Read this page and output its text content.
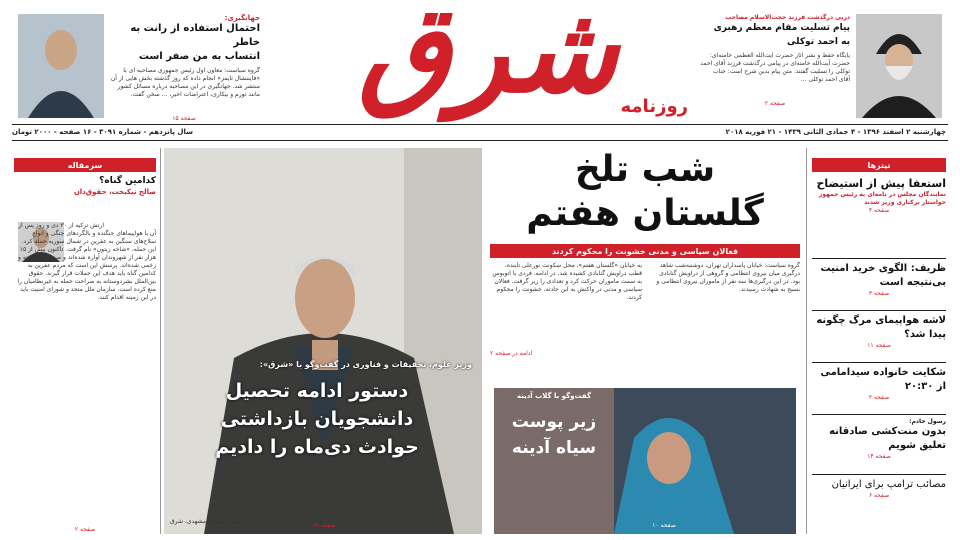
شرق روزنامه
جهانگیری:
احتمال استفاده از رانت به خاطر
انتساب به من صفر است
گروه سیاست: معاون اول رئیس جمهوری مصاحبه ای با «فایننشال تایمز» انجام داده که روز گذشته بخش هایی از آن منتشر شد. جهانگیری در این مصاحبه درباره مسائل کشور مانند تورم و بیکاری، اعتراضات اخیر، ... سخن گفت.
صفحه ۱۵
درپی درگذشت فرزند حجت‌الاسلام مصاحب
پیام تسلیت مقام معظم رهبری
به احمد توکلی
پایگاه حفظ و نشر آثار حضرت آیت‌الله العظمی خامنه‌ای: حضرت آیت‌الله خامنه‌ای در پیامی درگذشت فرزند آقای احمد توکلی را تسلیت گفتند. متن پیام بدین شرح است: جناب آقای احمد توکلی ...
صفحه ۲
چهارشنبه ۲ اسفند ۱۳۹۶ - ۴ جمادی الثانی ۱۴۳۹ - ۲۱ فوریه ۲۰۱۸
سال پانزدهم - شماره ۳۰۹۱ - ۱۶ صفحه - ۲۰۰۰ تومان
سرمقاله
کدامین گناه؟
صالح نیکبخت، حقوق‌دان
ارتش ترکیه از ۳۰ دی و روز پس از آن با هواپیماهای جنگنده و بالگردهای جنگی و انواع سلاح‌های سنگین به عفرین در شمال سوریه حمله کرد. این حمله، «شاخه زیتون» نام گرفت. تاکنون بیش از ۱۵ هزار نفر از شهروندان آواره شده‌اند و صدها نفر کشته و زخمی شده‌اند. پرسش این است که مردم عفرین به کدامین گناه باید هدف این حملات قرار گیرند. حقوق بین‌الملل بشردوستانه به صراحت حمله به غیرنظامیان را منع کرده است. سازمان ملل متحد و شورای امنیت باید در این زمینه اقدام کنند.
صفحه ۲
وزیر علوم، تحقیقات و فناوری در گفت‌وگو با «شرق»:
دستور ادامه تحصیل
دانشجویان بازداشتی
حوادث دی‌ماه را دادیم
عکس: رضوان مشهدی، شرق
صفحه ۱۲
شب تلخ
گلستان هفتم
فعالان سیاسی و مدنی خشونت را محکوم کردند
به خیابان «گلستان هفتم»، محل سکونت نورعلی تابنده، قطب دراویش گنابادی کشیده شد. در ادامه، فردی با اتوبوس به سمت ماموران حرکت کرد و تعدادی را زیر گرفت. فعالان سیاسی و مدنی در واکنش به این حادثه، خشونت را محکوم کردند.
گروه سیاست: خیابان پاسداران تهران، دوشنبه‌شب شاهد درگیری میان نیروی انتظامی و گروهی از دراویش گنابادی بود. در این درگیری‌ها سه نفر از ماموران نیروی انتظامی و بسیج به شهادت رسیدند.
ادامه در صفحه ۲
گفت‌وگو با گلاب آدینه
زیر پوست
سیاه آدینه
صفحه ۱۰
تیترها
استعفا پیش از استیضاح
نمایندگان مجلس در نامه‌ای به رئیس جمهور خواستار برکناری وزیر شدند
صفحه ۴
ظریف: الگوی خرید امنیت بی‌نتیجه است
صفحه ۳
لاشه هواپیمای مرگ چگونه پیدا شد؟
صفحه ۱۱
شکایت خانواده سیدامامی از ۲۰:۳۰
صفحه ۲
رسول خادم:
بدون منت‌کشی صادقانه تعلیق شویم
صفحه ۱۴
مصائب ترامپ برای ایرانیان
صفحه ۶
